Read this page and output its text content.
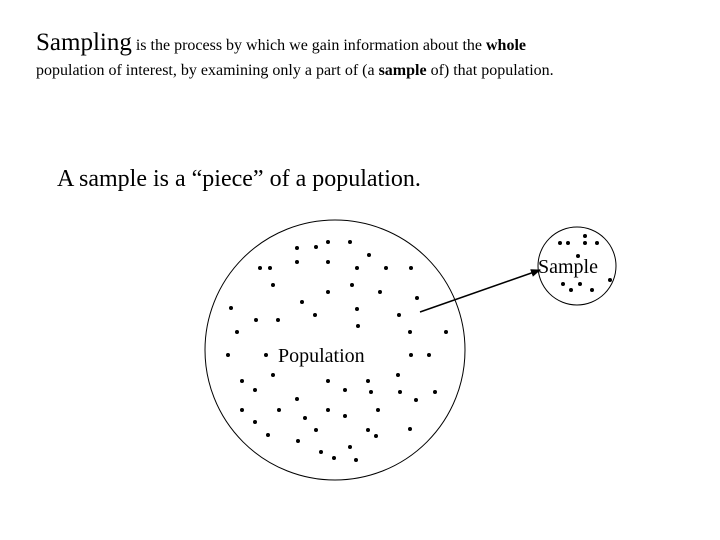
Sampling is the process by which we gain information about the whole
population of interest, by examining only a part of (a sample of) that population.
A sample is a “piece” of a population.
Population
Sample
